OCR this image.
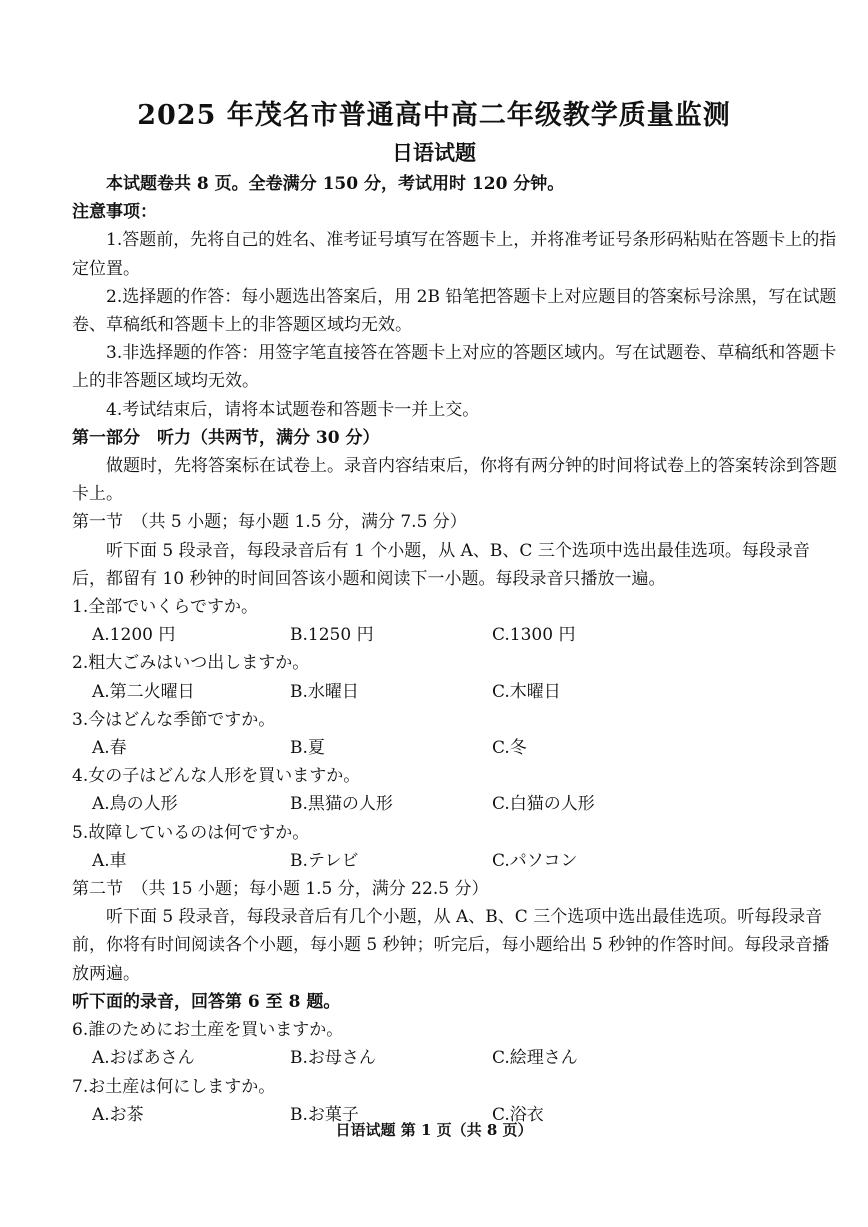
2025 年茂名市普通高中高二年级教学质量监测
日语试题

本试题卷共 8 页。全卷满分 150 分，考试用时 120 分钟。

注意事项：

1.答题前，先将自己的姓名、准考证号填写在答题卡上，并将准考证号条形码粘贴在答题卡上的指定位置。

2.选择题的作答：每小题选出答案后，用 2B 铅笔把答题卡上对应题目的答案标号涂黑，写在试题卷、草稿纸和答题卡上的非答题区域均无效。

3.非选择题的作答：用签字笔直接答在答题卡上对应的答题区域内。写在试题卷、草稿纸和答题卡上的非答题区域均无效。

4.考试结束后，请将本试题卷和答题卡一并上交。

第一部分　听力（共两节，满分 30 分）

做题时，先将答案标在试卷上。录音内容结束后，你将有两分钟的时间将试卷上的答案转涂到答题卡上。

第一节　（共 5 小题；每小题 1.5 分，满分 7.5 分）

听下面 5 段录音，每段录音后有 1 个小题，从 A、B、C 三个选项中选出最佳选项。每段录音后，都留有 10 秒钟的时间回答该小题和阅读下一小题。每段录音只播放一遍。

1.全部でいくらですか。

A.1200 円	B.1250 円	C.1300 円

2.粗大ごみはいつ出しますか。

A.第二火曜日	B.水曜日	C.木曜日

3.今はどんな季節ですか。

A.春	B.夏	C.冬

4.女の子はどんな人形を買いますか。

A.鳥の人形	B.黒猫の人形	C.白猫の人形

5.故障しているのは何ですか。

A.車	B.テレビ	C.パソコン

第二节　（共 15 小题；每小题 1.5 分，满分 22.5 分）

听下面 5 段录音，每段录音后有几个小题，从 A、B、C 三个选项中选出最佳选项。听每段录音前，你将有时间阅读各个小题，每小题 5 秒钟；听完后，每小题给出 5 秒钟的作答时间。每段录音播放两遍。

听下面的录音，回答第 6 至 8 题。

6.誰のためにお土産を買いますか。

A.おばあさん	B.お母さん	C.絵理さん

7.お土産は何にしますか。

A.お茶	B.お菓子	C.浴衣
日语试题 第 1 页（共 8 页）
